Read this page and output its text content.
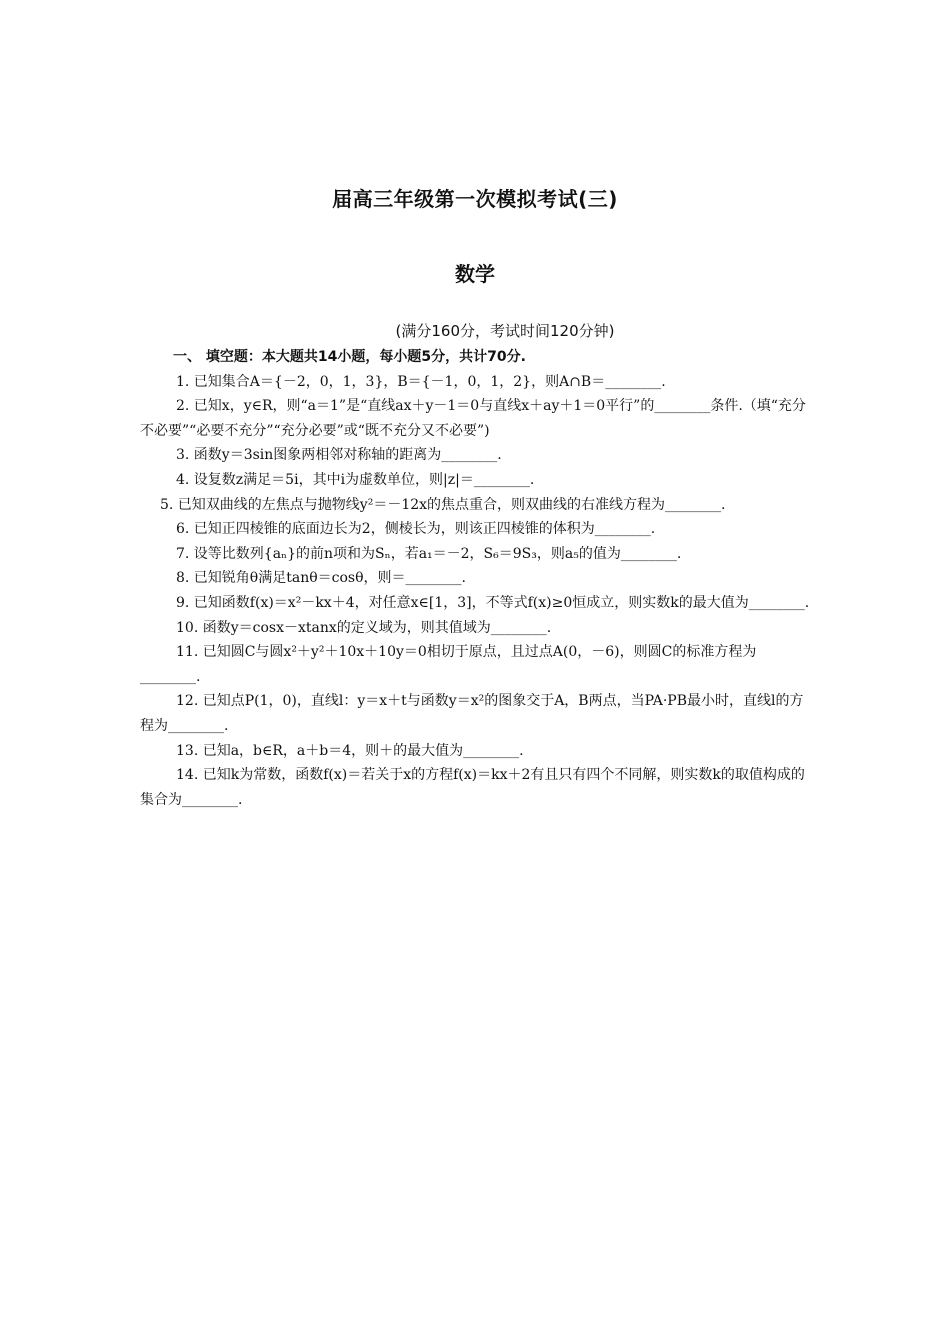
届高三年级第一次模拟考试(三)
数学
(满分160分，考试时间120分钟)
一、 填空题：本大题共14小题，每小题5分，共计70分.

1. 已知集合A＝{－2，0，1，3}，B＝{－1，0，1，2}，则A∩B＝________.

2. 已知x，y∈R，则“a＝1”是“直线ax＋y－1＝0与直线x＋ay＋1＝0平行”的________条件.（填“充分不必要”“必要不充分”“充分必要”或“既不充分又不必要”)

3. 函数y＝3sin图象两相邻对称轴的距离为________.

4. 设复数z满足＝5i，其中i为虚数单位，则|z|＝________.

5. 已知双曲线的左焦点与抛物线y²＝－12x的焦点重合，则双曲线的右准线方程为________.

6. 已知正四棱锥的底面边长为2，侧棱长为，则该正四棱锥的体积为________.

7. 设等比数列{aₙ}的前n项和为Sₙ，若a₁＝－2，S₆＝9S₃，则a₅的值为________.

8. 已知锐角θ满足tanθ＝cosθ，则＝________.

9. 已知函数f(x)＝x²－kx＋4，对任意x∈[1，3]，不等式f(x)≥0恒成立，则实数k的最大值为________.

10. 函数y＝cosx－xtanx的定义域为，则其值域为________.

11. 已知圆C与圆x²＋y²＋10x＋10y＝0相切于原点，且过点A(0，－6)，则圆C的标准方程为________.

12. 已知点P(1，0)，直线l：y＝x＋t与函数y＝x²的图象交于A，B两点，当PA·PB最小时，直线l的方程为________.

13. 已知a，b∈R，a＋b＝4，则＋的最大值为________.

14. 已知k为常数，函数f(x)＝若关于x的方程f(x)＝kx＋2有且只有四个不同解，则实数k的取值构成的集合为________.
